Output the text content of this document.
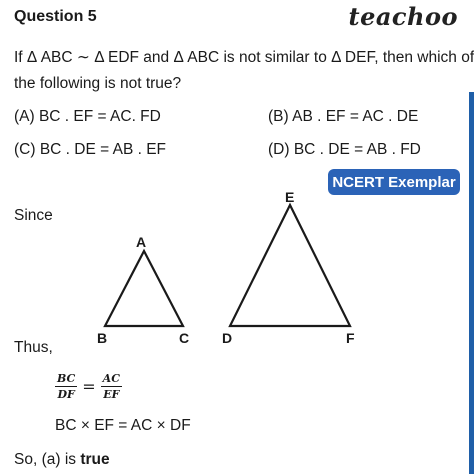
Question 5	teachoo
If Δ ABC ∼ Δ EDF and Δ ABC is not similar to Δ DEF, then which of
the following is not true?
(A) BC . EF = AC. FD	(B) AB . EF = AC . DE
(C) BC . DE = AB . EF	(D) BC . DE = AB . FD
NCERT Exemplar
Since
A
B	C
E
D	F
Thus,
BC
DF = AC
EF
BC × EF = AC × DF
So, (a) is true
